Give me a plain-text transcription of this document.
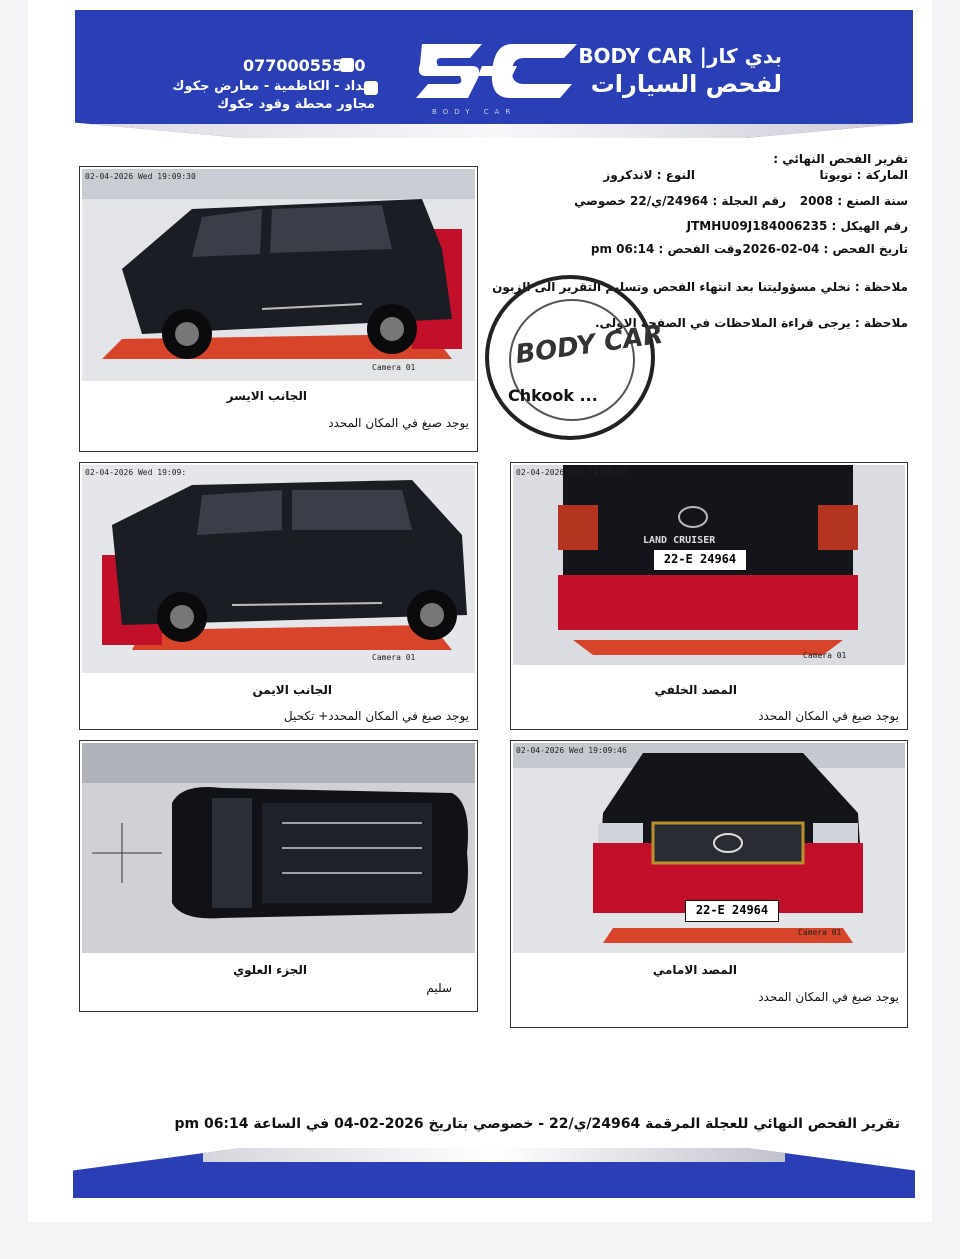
07700055560
بغداد - الكاظمية - معارض جكوك
مجاور محطة وقود جكوك	BODY CAR
بدي كار| BODY CAR
لفحص السيارات
تقرير الفحص النهائي :
الماركة : تويوتا
النوع : لاندكروز
سنة الصنع : 2008
رقم العجلة : 24964/ي/22 خصوصي
رقم الهيكل : JTMHU09J184006235
تاريخ الفحص : 04-02-2026
وقت الفحص : 06:14 pm
ملاحظة : نخلي مسؤوليتنا بعد انتهاء الفحص وتسليم التقرير الى الزبون
ملاحظة : يرجى قراءة الملاحظات في الصفحة الاولى.
BODY CAR
Chkook ...
02-04-2026 Wed 19:09:30
Camera 01
الجانب الايسر
يوجد صبغ في المكان المحدد
02-04-2026 Wed 19:09:
Camera 01
الجانب الايمن
يوجد صبغ في المكان المحدد+ تكحيل
02-04-2026 Wed 19:09:39
LAND CRUISER
22-E 24964
Camera 01
المصد الخلفي
يوجد صبغ في المكان المحدد
الجزء العلوي
سليم
02-04-2026 Wed 19:09:46
22-E 24964
Camera 01
المصد الامامي
يوجد صبغ في المكان المحدد
تقرير الفحص النهائي للعجلة المرقمة 24964/ي/22 - خصوصي بتاريخ 2026-02-04 في الساعة 06:14 pm
